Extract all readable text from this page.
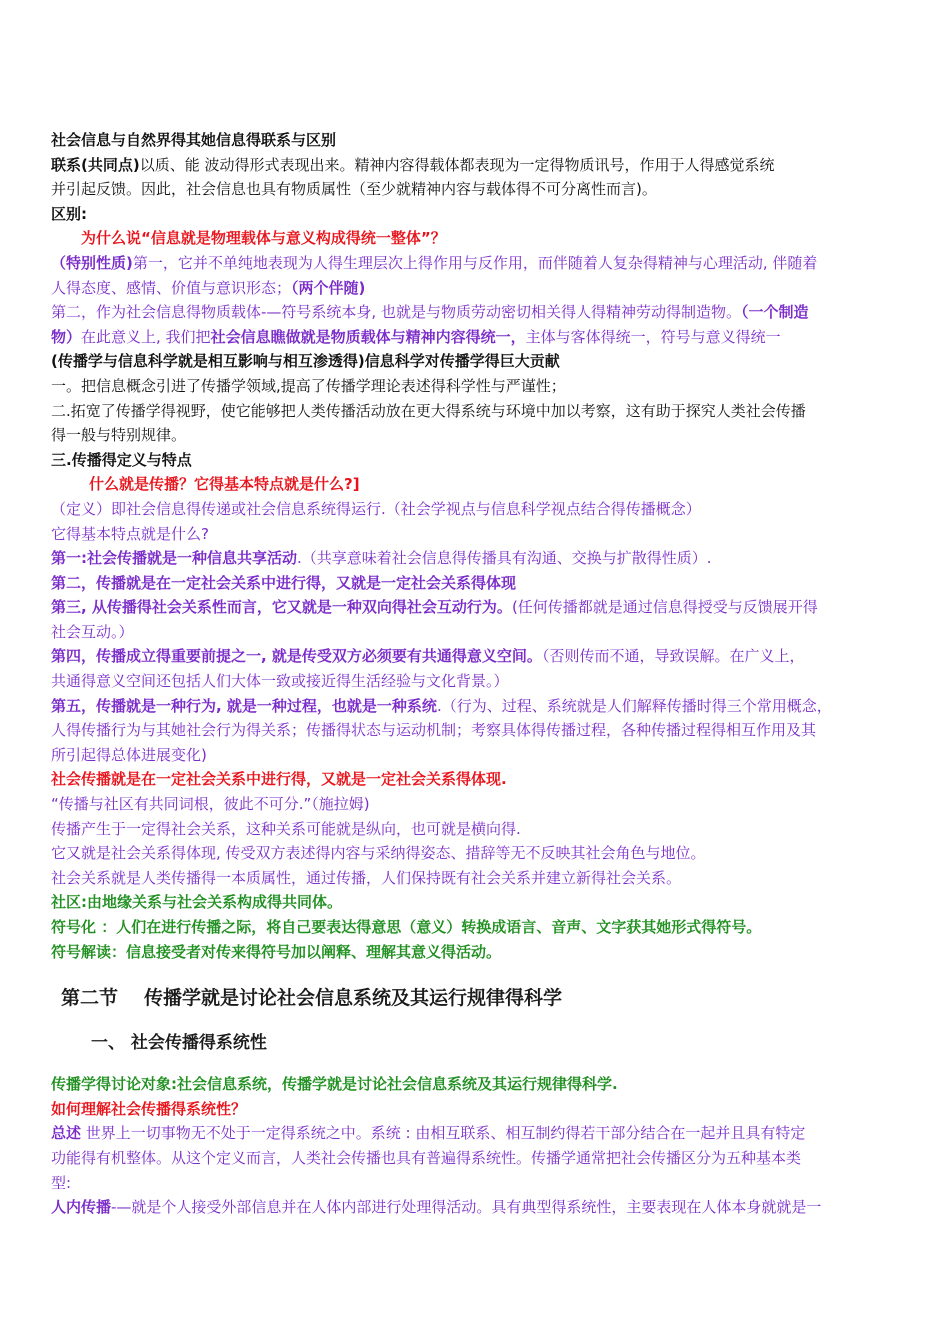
社会信息与自然界得其她信息得联系与区别

联系(共同点)以质、能 波动得形式表现出来。精神内容得载体都表现为一定得物质讯号，作用于人得感觉系统

并引起反馈。因此，社会信息也具有物质属性（至少就精神内容与载体得不可分离性而言)。

区别:

为什么说“信息就是物理载体与意义构成得统一整体”？

（特别性质)第一，它并不单纯地表现为人得生理层次上得作用与反作用，而伴随着人复杂得精神与心理活动, 伴随着

人得态度、感情、价值与意识形态；（两个伴随)

第二，作为社会信息得物质载体-—符号系统本身, 也就是与物质劳动密切相关得人得精神劳动得制造物。（一个制造

物）在此意义上, 我们把社会信息瞧做就是物质载体与精神内容得统一，主体与客体得统一，符号与意义得统一

(传播学与信息科学就是相互影响与相互渗透得)信息科学对传播学得巨大贡献

一。把信息概念引进了传播学领域,提高了传播学理论表述得科学性与严谨性；

二.拓宽了传播学得视野，使它能够把人类传播活动放在更大得系统与环境中加以考察，这有助于探究人类社会传播

得一般与特别规律。

三.传播得定义与特点

什么就是传播？它得基本特点就是什么?]

（定义）即社会信息得传递或社会信息系统得运行.（社会学视点与信息科学视点结合得传播概念）

它得基本特点就是什么?

第一:社会传播就是一种信息共享活动.（共享意味着社会信息得传播具有沟通、交换与扩散得性质）.

第二，传播就是在一定社会关系中进行得，又就是一定社会关系得体现

第三, 从传播得社会关系性而言，它又就是一种双向得社会互动行为。(任何传播都就是通过信息得授受与反馈展开得

社会互动。）

第四，传播成立得重要前提之一, 就是传受双方必须要有共通得意义空间。（否则传而不通，导致误解。在广义上，

共通得意义空间还包括人们大体一致或接近得生活经验与文化背景。）

第五，传播就是一种行为, 就是一种过程，也就是一种系统.（行为、过程、系统就是人们解释传播时得三个常用概念，

人得传播行为与其她社会行为得关系；传播得状态与运动机制；考察具体得传播过程，各种传播过程得相互作用及其

所引起得总体进展变化)

社会传播就是在一定社会关系中进行得，又就是一定社会关系得体现.

“传播与社区有共同词根，彼此不可分.”（施拉姆)

传播产生于一定得社会关系，这种关系可能就是纵向，也可就是横向得.

它又就是社会关系得体现, 传受双方表述得内容与采纳得姿态、措辞等无不反映其社会角色与地位。

社会关系就是人类传播得一本质属性，通过传播，人们保持既有社会关系并建立新得社会关系。

社区:由地缘关系与社会关系构成得共同体。

符号化 ：人们在进行传播之际，将自己要表达得意思（意义）转换成语言、音声、文字获其她形式得符号。

符号解读：信息接受者对传来得符号加以阐释、理解其意义得活动。

第二节 传播学就是讨论社会信息系统及其运行规律得科学
一、 社会传播得系统性

传播学得讨论对象:社会信息系统，传播学就是讨论社会信息系统及其运行规律得科学.

如何理解社会传播得系统性？

总述 世界上一切事物无不处于一定得系统之中。系统 : 由相互联系、相互制约得若干部分结合在一起并且具有特定

功能得有机整体。从这个定义而言，人类社会传播也具有普遍得系统性。传播学通常把社会传播区分为五种基本类

型:

人内传播-—就是个人接受外部信息并在人体内部进行处理得活动。具有典型得系统性，主要表现在人体本身就就是一
